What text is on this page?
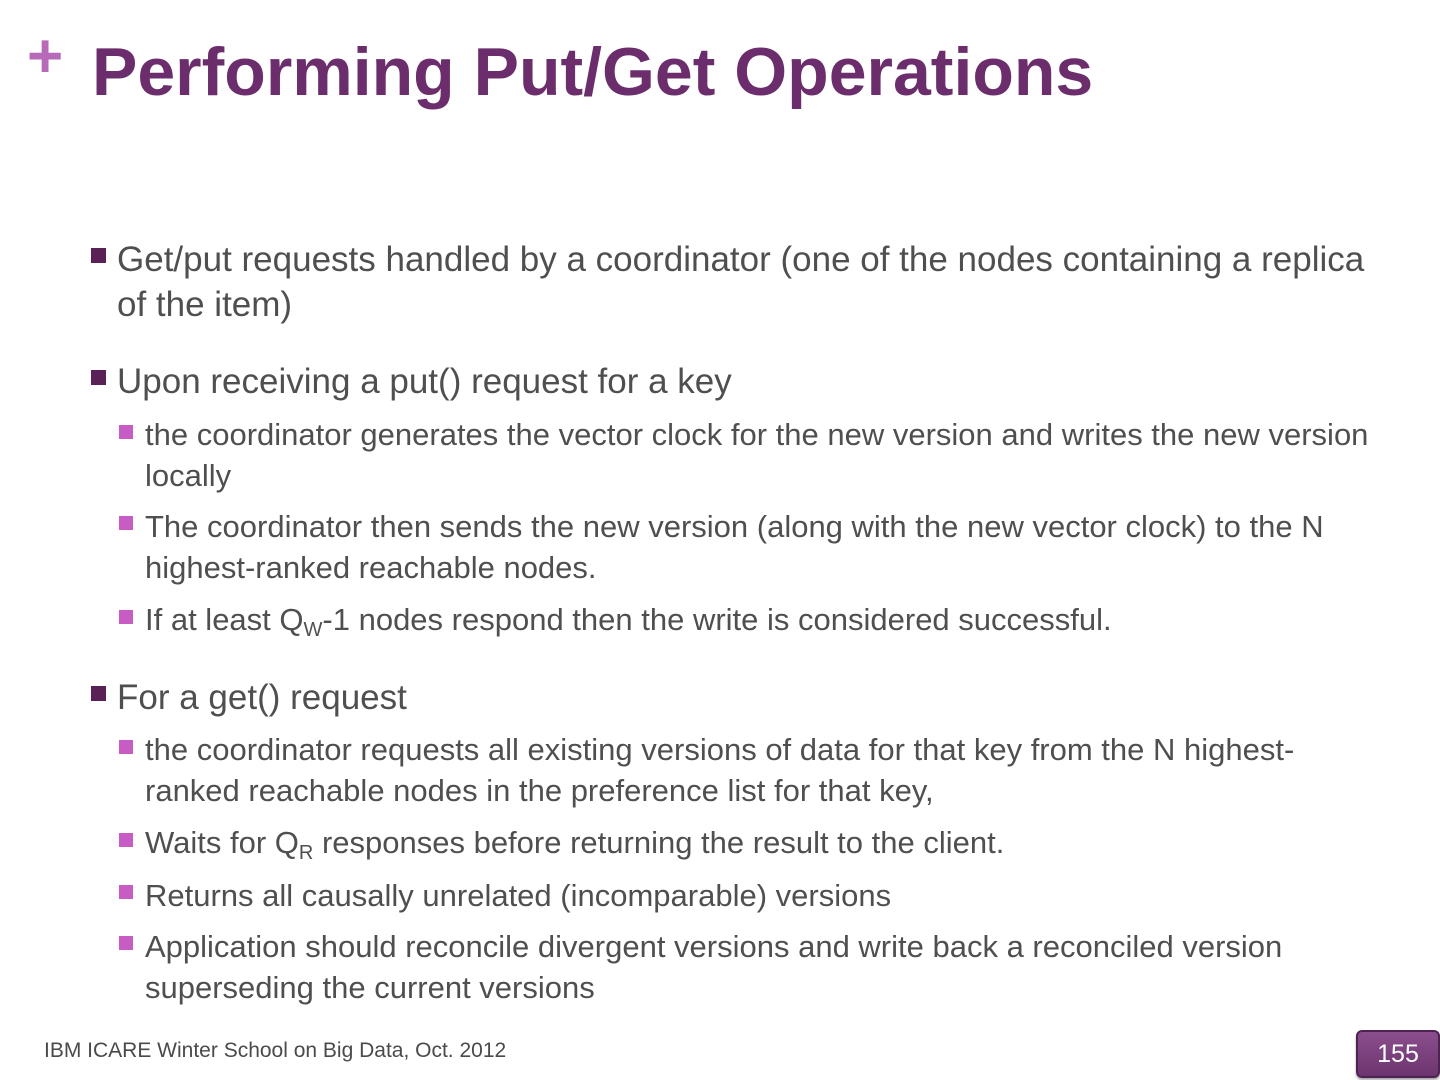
+ Performing Put/Get Operations

Get/put requests handled by a coordinator (one of the nodes containing a replica of the item)

Upon receiving a put() request for a key

the coordinator generates the vector clock for the new version and writes the new version locally

The coordinator then sends the new version (along with the new vector clock) to the N highest-ranked reachable nodes.

If at least $Q_W-1$ nodes respond then the write is considered successful.

For a get() request

the coordinator requests all existing versions of data for that key from the N highest-ranked reachable nodes in the preference list for that key,

Waits for $Q_R$ responses before returning the result to the client.

Returns all causally unrelated (incomparable) versions

Application should reconcile divergent versions and write back a reconciled version superseding the current versions

IBM ICARE Winter School on Big Data, Oct. 2012	155
